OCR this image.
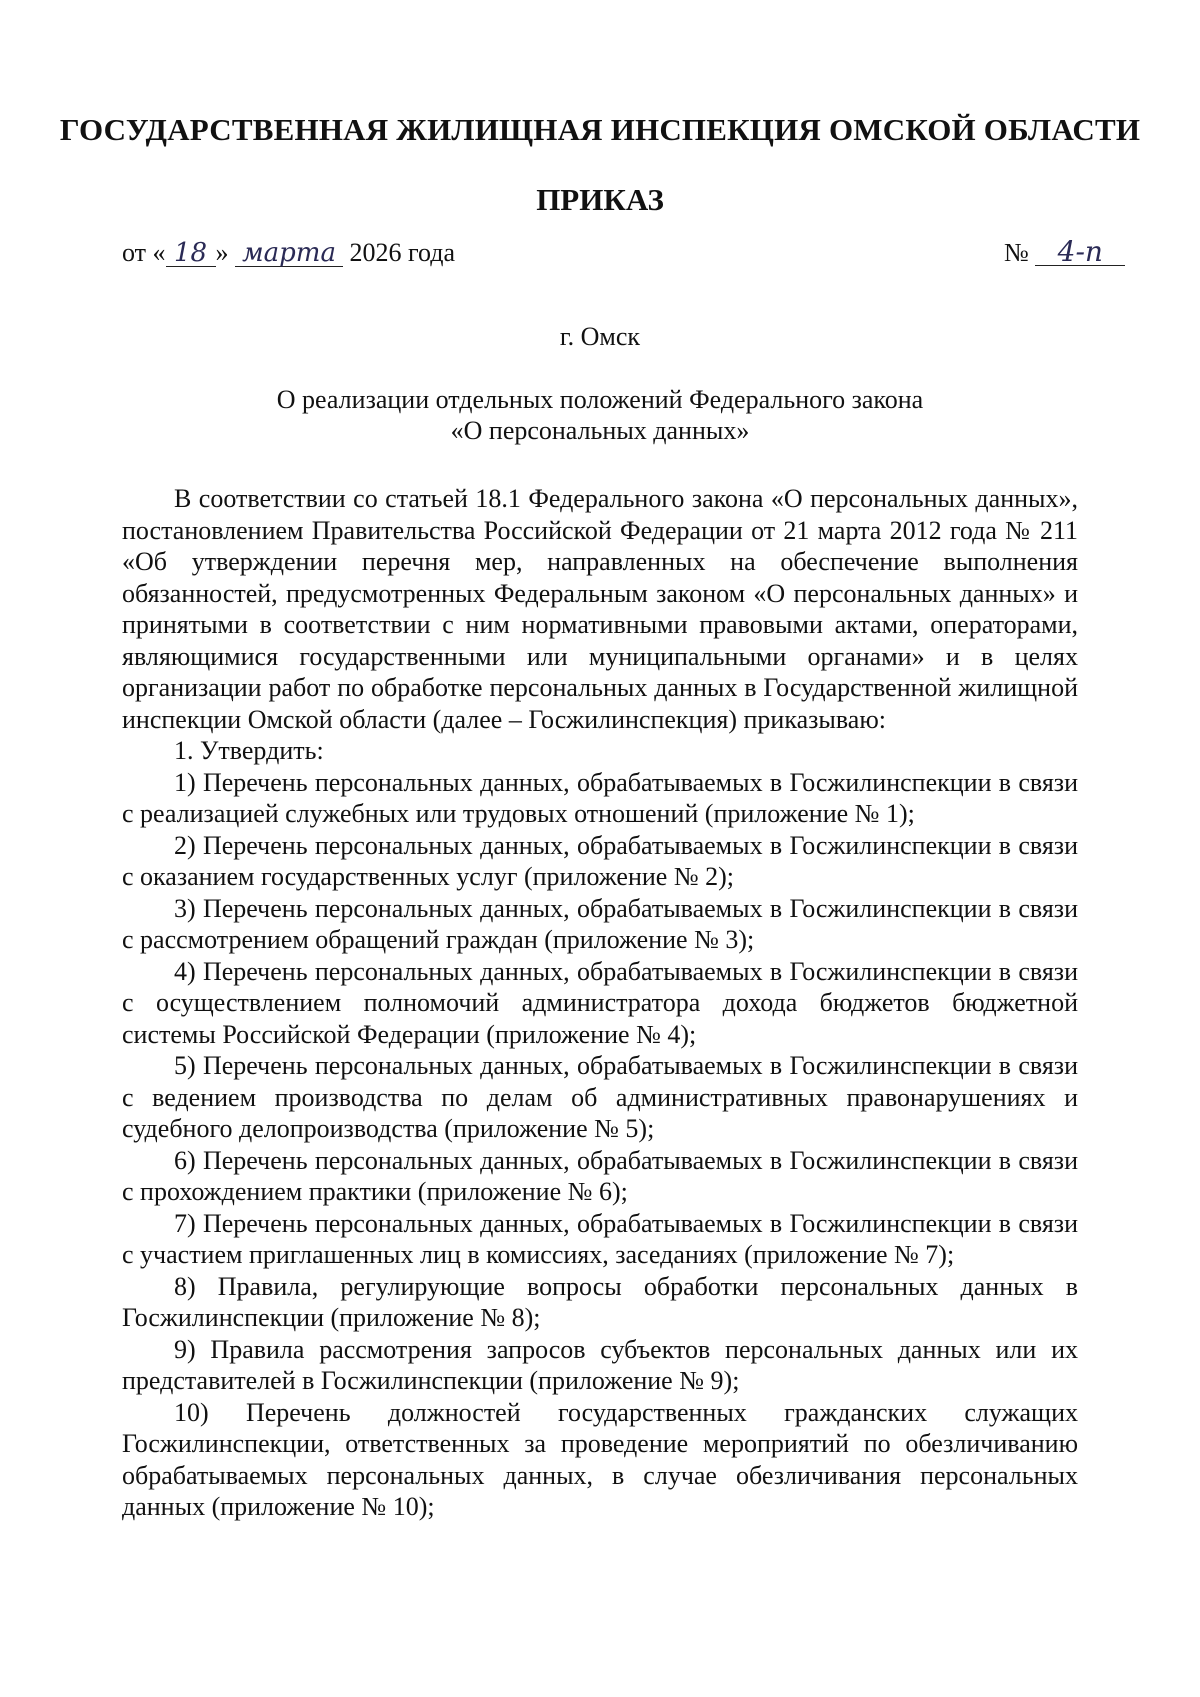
ГОСУДАРСТВЕННАЯ ЖИЛИЩНАЯ ИНСПЕКЦИЯ ОМСКОЙ ОБЛАСТИ
ПРИКАЗ
от « 18 » марта 2026 года	№ 4-п
г. Омск
О реализации отдельных положений Федерального закона
«О персональных данных»

В соответствии со статьей 18.1 Федерального закона «О персональных данных», постановлением Правительства Российской Федерации от 21 марта 2012 года № 211 «Об утверждении перечня мер, направленных на обеспечение выполнения обязанностей, предусмотренных Федеральным законом «О персональных данных» и принятыми в соответствии с ним нормативными правовыми актами, операторами, являющимися государственными или муниципальными органами» и в целях организации работ по обработке персональных данных в Государственной жилищной инспекции Омской области (далее – Госжилинспекция) приказываю:

1. Утвердить:

1) Перечень персональных данных, обрабатываемых в Госжилинспекции в связи с реализацией служебных или трудовых отношений (приложение № 1);

2) Перечень персональных данных, обрабатываемых в Госжилинспекции в связи с оказанием государственных услуг (приложение № 2);

3) Перечень персональных данных, обрабатываемых в Госжилинспекции в связи с рассмотрением обращений граждан (приложение № 3);

4) Перечень персональных данных, обрабатываемых в Госжилинспекции в связи с осуществлением полномочий администратора дохода бюджетов бюджетной системы Российской Федерации (приложение № 4);

5) Перечень персональных данных, обрабатываемых в Госжилинспекции в связи с ведением производства по делам об административных правонарушениях и судебного делопроизводства (приложение № 5);

6) Перечень персональных данных, обрабатываемых в Госжилинспекции в связи с прохождением практики (приложение № 6);

7) Перечень персональных данных, обрабатываемых в Госжилинспекции в связи с участием приглашенных лиц в комиссиях, заседаниях (приложение № 7);

8) Правила, регулирующие вопросы обработки персональных данных в Госжилинспекции (приложение № 8);

9) Правила рассмотрения запросов субъектов персональных данных или их представителей в Госжилинспекции (приложение № 9);

10) Перечень должностей государственных гражданских служащих Госжилинспекции, ответственных за проведение мероприятий по обезличиванию обрабатываемых персональных данных, в случае обезличивания персональных данных (приложение № 10);
